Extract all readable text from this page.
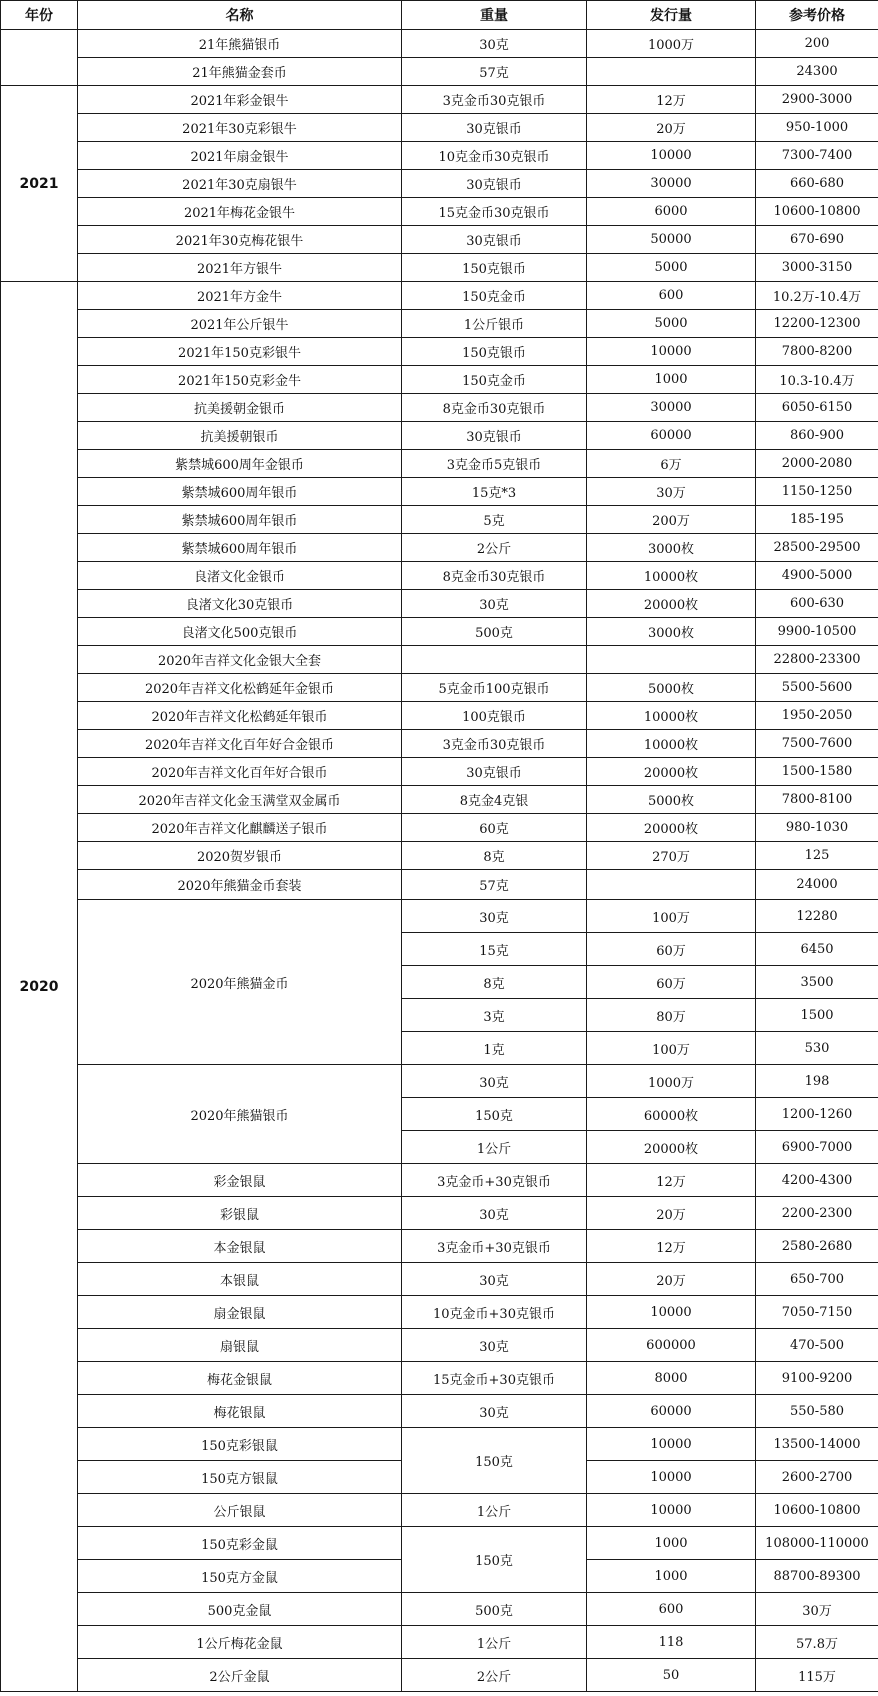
年份	名称	重量	发行量	参考价格
	21年熊猫银币	30克	1000万	200
	21年熊猫金套币	57克		24300
2021	2021年彩金银牛	3克金币30克银币	12万	2900-3000
	2021年30克彩银牛	30克银币	20万	950-1000
	2021年扇金银牛	10克金币30克银币	10000	7300-7400
	2021年30克扇银牛	30克银币	30000	660-680
	2021年梅花金银牛	15克金币30克银币	6000	10600-10800
	2021年30克梅花银牛	30克银币	50000	670-690
	2021年方银牛	150克银币	5000	3000-3150
2020	2021年方金牛	150克金币	600	10.2万-10.4万
	2021年公斤银牛	1公斤银币	5000	12200-12300
	2021年150克彩银牛	150克银币	10000	7800-8200
	2021年150克彩金牛	150克金币	1000	10.3-10.4万
	抗美援朝金银币	8克金币30克银币	30000	6050-6150
	抗美援朝银币	30克银币	60000	860-900
	紫禁城600周年金银币	3克金币5克银币	6万	2000-2080
	紫禁城600周年银币	15克*3	30万	1150-1250
	紫禁城600周年银币	5克	200万	185-195
	紫禁城600周年银币	2公斤	3000枚	28500-29500
	良渚文化金银币	8克金币30克银币	10000枚	4900-5000
	良渚文化30克银币	30克	20000枚	600-630
	良渚文化500克银币	500克	3000枚	9900-10500
	2020年吉祥文化金银大全套			22800-23300
	2020年吉祥文化松鹤延年金银币	5克金币100克银币	5000枚	5500-5600
	2020年吉祥文化松鹤延年银币	100克银币	10000枚	1950-2050
	2020年吉祥文化百年好合金银币	3克金币30克银币	10000枚	7500-7600
	2020年吉祥文化百年好合银币	30克银币	20000枚	1500-1580
	2020年吉祥文化金玉满堂双金属币	8克金4克银	5000枚	7800-8100
	2020年吉祥文化麒麟送子银币	60克	20000枚	980-1030
	2020贺岁银币	8克	270万	125
	2020年熊猫金币套装	57克		24000
	2020年熊猫金币	30克	100万	12280
		15克	60万	6450
		8克	60万	3500
		3克	80万	1500
		1克	100万	530
	2020年熊猫银币	30克	1000万	198
		150克	60000枚	1200-1260
		1公斤	20000枚	6900-7000
	彩金银鼠	3克金币+30克银币	12万	4200-4300
	彩银鼠	30克	20万	2200-2300
	本金银鼠	3克金币+30克银币	12万	2580-2680
	本银鼠	30克	20万	650-700
	扇金银鼠	10克金币+30克银币	10000	7050-7150
	扇银鼠	30克	600000	470-500
	梅花金银鼠	15克金币+30克银币	8000	9100-9200
	梅花银鼠	30克	60000	550-580
	150克彩银鼠	150克	10000	13500-14000
	150克方银鼠		10000	2600-2700
	公斤银鼠	1公斤	10000	10600-10800
	150克彩金鼠	150克	1000	108000-110000
	150克方金鼠		1000	88700-89300
	500克金鼠	500克	600	30万
	1公斤梅花金鼠	1公斤	118	57.8万
	2公斤金鼠	2公斤	50	115万
